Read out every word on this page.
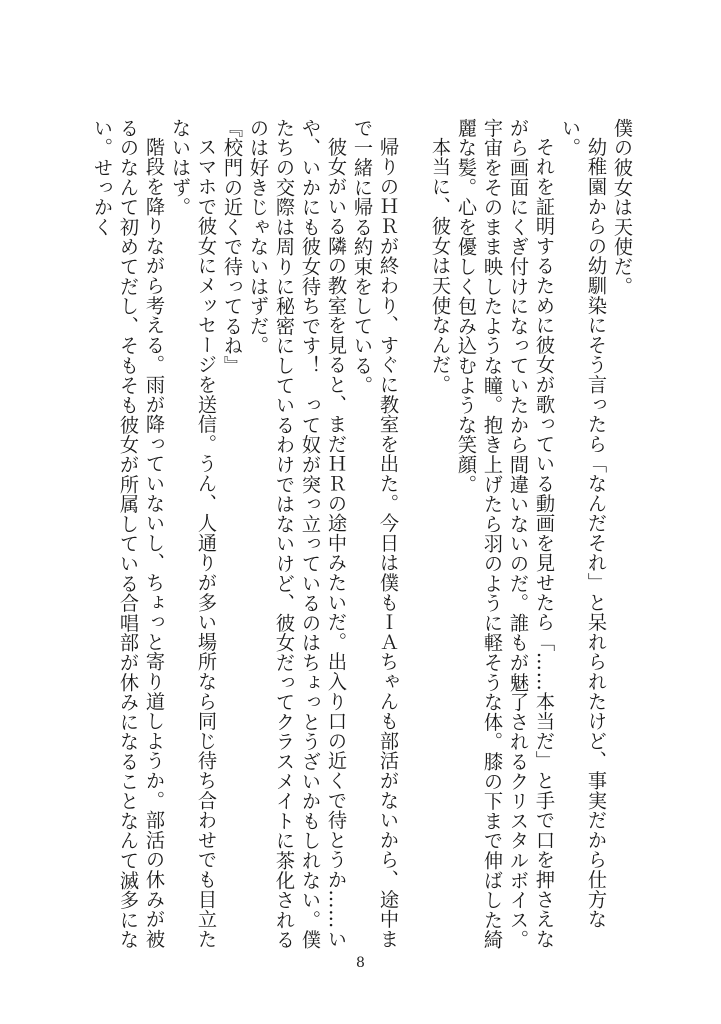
僕の彼女は天使だ。

幼稚園からの幼馴染にそう言ったら「なんだそれ」と呆れられたけど、事実だから仕方ない。

それを証明するために彼女が歌っている動画を見せたら「……本当だ」と手で口を押さえながら画面にくぎ付けになっていたから間違いないのだ。誰もが魅了されるクリスタルボイス。宇宙をそのまま映したような瞳。抱き上げたら羽のように軽そうな体。膝の下まで伸ばした綺麗な髪。心を優しく包み込むような笑顔。

本当に、彼女は天使なんだ。

帰りのＨＲが終わり、すぐに教室を出た。今日は僕もＩＡちゃんも部活がないから、途中まで一緒に帰る約束をしている。

彼女がいる隣の教室を見ると、まだＨＲの途中みたいだ。出入り口の近くで待とうか……いや、いかにも彼女待ちです！　って奴が突っ立っているのはちょっとうざいかもしれない。僕たちの交際は周りに秘密にしているわけではないけど、彼女だってクラスメイトに茶化されるのは好きじゃないはずだ。

『校門の近くで待ってるね』

スマホで彼女にメッセージを送信。うん、人通りが多い場所なら同じ待ち合わせでも目立たないはず。

階段を降りながら考える。雨が降っていないし、ちょっと寄り道しようか。部活の休みが被るのなんて初めてだし、そもそも彼女が所属している合唱部が休みになることなんて滅多にない。せっかく

8
